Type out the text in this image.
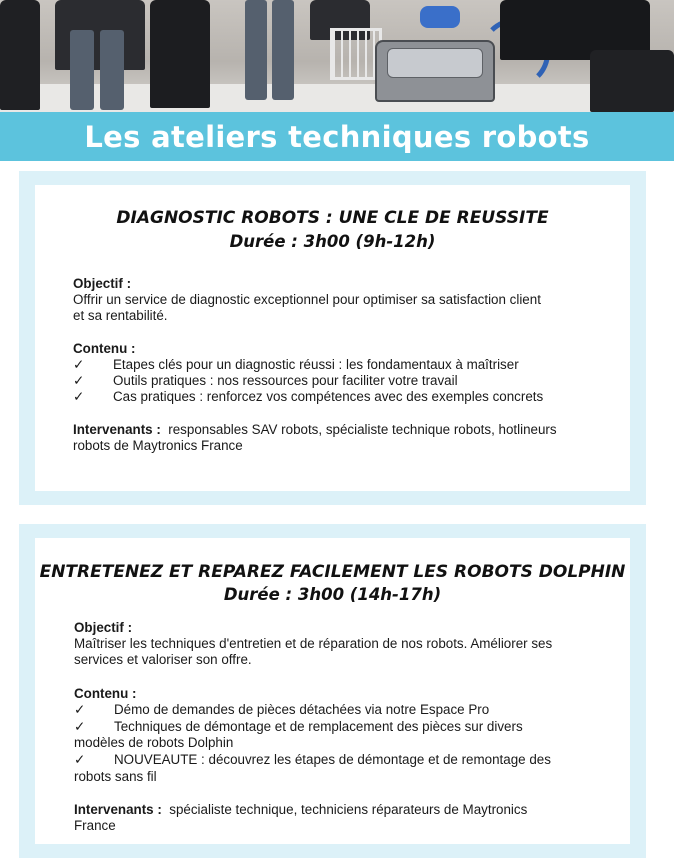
Les ateliers techniques robots
DIAGNOSTIC ROBOTS : UNE CLE DE REUSSITE
Durée : 3h00 (9h-12h)
Objectif :
Offrir un service de diagnostic exceptionnel pour optimiser sa satisfaction client
et sa rentabilité.
Contenu :
✓ Etapes clés pour un diagnostic réussi : les fondamentaux à maîtriser
✓ Outils pratiques : nos ressources pour faciliter votre travail
✓ Cas pratiques : renforcez vos compétences avec des exemples concrets
Intervenants : responsables SAV robots, spécialiste technique robots, hotlineurs
robots de Maytronics France
ENTRETENEZ ET REPAREZ FACILEMENT LES ROBOTS DOLPHIN
Durée : 3h00 (14h-17h)
Objectif :
Maîtriser les techniques d'entretien et de réparation de nos robots. Améliorer ses
services et valoriser son offre.
Contenu :
✓ Démo de demandes de pièces détachées via notre Espace Pro
✓ Techniques de démontage et de remplacement des pièces sur divers
modèles de robots Dolphin
✓ NOUVEAUTE : découvrez les étapes de démontage et de remontage des
robots sans fil
Intervenants : spécialiste technique, techniciens réparateurs de Maytronics
France
